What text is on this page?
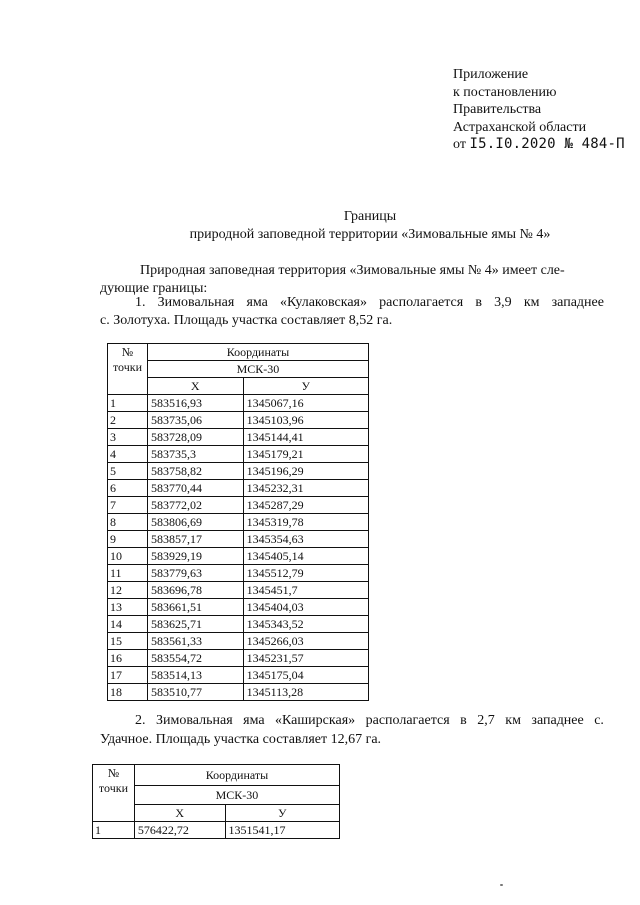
Приложение
к постановлению
Правительства
Астраханской области
от I5.I0.2020 № 484-П
Границы
природной заповедной территории «Зимовальные ямы № 4»
Природная заповедная территория «Зимовальные ямы № 4» имеет сле-
дующие границы:
1. Зимовальная яма «Кулаковская» располагается в 3,9 км западнее
с. Золотуха. Площадь участка составляет 8,52 га.
№
точки	Координаты	
	МСК-30	
	Х	У
1	583516,93	1345067,16
2	583735,06	1345103,96
3	583728,09	1345144,41
4	583735,3	1345179,21
5	583758,82	1345196,29
6	583770,44	1345232,31
7	583772,02	1345287,29
8	583806,69	1345319,78
9	583857,17	1345354,63
10	583929,19	1345405,14
11	583779,63	1345512,79
12	583696,78	1345451,7
13	583661,51	1345404,03
14	583625,71	1345343,52
15	583561,33	1345266,03
16	583554,72	1345231,57
17	583514,13	1345175,04
18	583510,77	1345113,28
2. Зимовальная яма «Каширская» располагается в 2,7 км западнее с.
Удачное. Площадь участка составляет 12,67 га.
№
точки	Координаты	
	МСК-30	
	Х	У
1	576422,72	1351541,17
